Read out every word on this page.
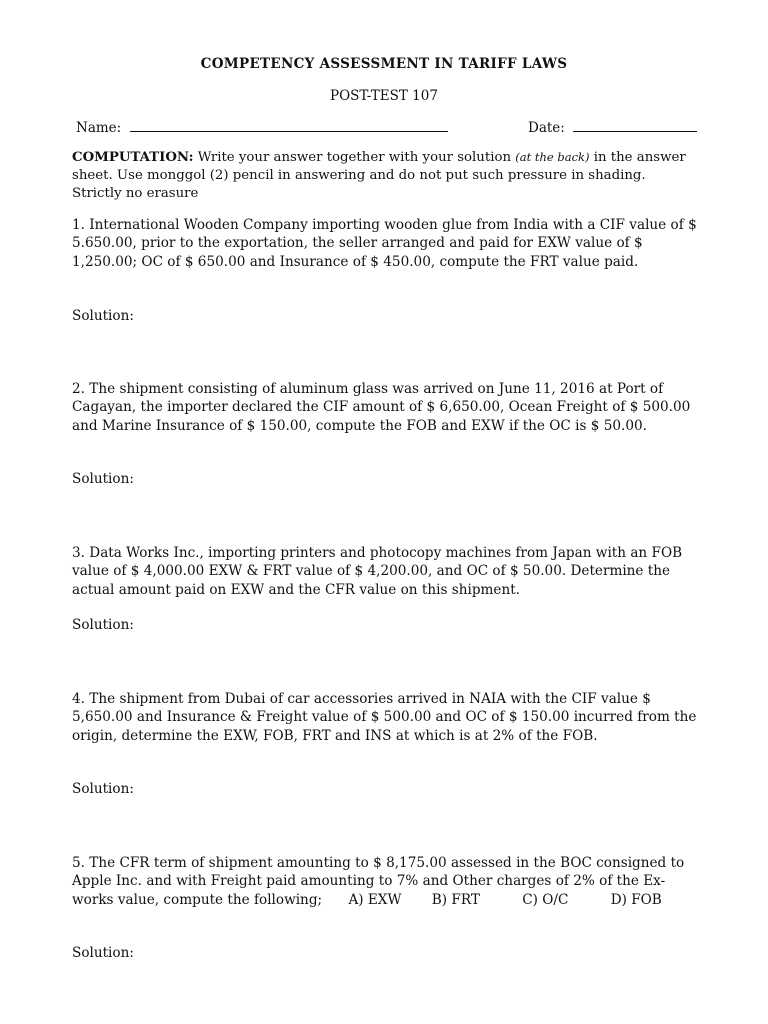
COMPETENCY ASSESSMENT IN TARIFF LAWS
POST-TEST 107
Name:	Date:
COMPUTATION: Write your answer together with your solution (at the back) in the answer sheet. Use monggol (2) pencil in answering and do not put such pressure in shading. Strictly no erasure
1. International Wooden Company importing wooden glue from India with a CIF value of $ 5.650.00, prior to the exportation, the seller arranged and paid for EXW value of $ 1,250.00; OC of $ 650.00 and Insurance of $ 450.00, compute the FRT value paid.
Solution:
2. The shipment consisting of aluminum glass was arrived on June 11, 2016 at Port of Cagayan, the importer declared the CIF amount of $ 6,650.00, Ocean Freight of $ 500.00 and Marine Insurance of $ 150.00, compute the FOB and EXW if the OC is $ 50.00.
Solution:
3. Data Works Inc., importing printers and photocopy machines from Japan with an FOB value of $ 4,000.00 EXW & FRT value of $ 4,200.00, and OC of $ 50.00. Determine the actual amount paid on EXW and the CFR value on this shipment.
Solution:
4. The shipment from Dubai of car accessories arrived in NAIA with the CIF value $ 5,650.00 and Insurance & Freight value of $ 500.00 and OC of $ 150.00 incurred from the origin, determine the EXW, FOB, FRT and INS at which is at 2% of the FOB.
Solution:
5. The CFR term of shipment amounting to $ 8,175.00 assessed in the BOC consigned to Apple Inc. and with Freight paid amounting to 7% and Other charges of 2% of the Ex-works value, compute the following; A) EXW B) FRT	C) O/C	D) FOB
Solution:
